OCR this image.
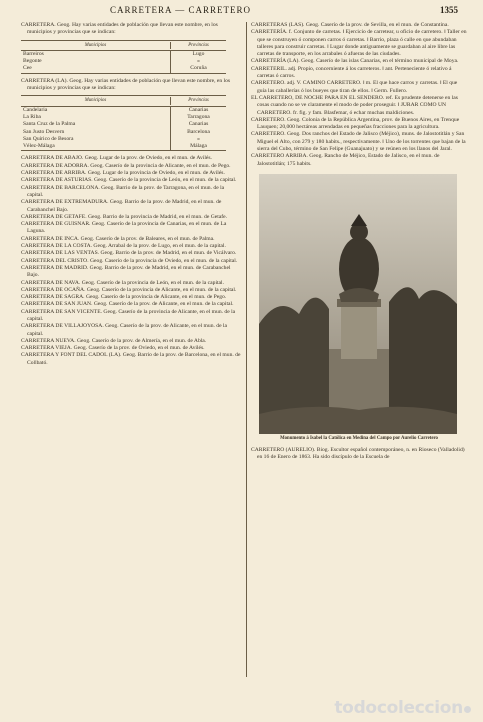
CARRETERA — CARRETERO	1355

CARRETERA. Geog. Hay varias entidades de población que llevan este nombre, en los municipios y provincias que se indican:

Municipios	Provincias
Barreiros	Lugo
Begonte	»
Cee	Coruña

CARRETERA (LA). Geog. Hay varias entidades de población que llevan este nombre, en los municipios y provincias que se indican:

Municipios	Provincias
Candelaria	Canarias
La Riba	Tarragona
Santa Cruz de la Palma	Canarias
San Justo Desvern	Barcelona
San Quirico de Besora	»
Vélez-Málaga	Málaga

CARRETERA DE ABAJO. Geog. Lugar de la prov. de Oviedo, en el mun. de Avilés.

CARRETERA DE ADORRA. Geog. Caserío de la provincia de Alicante, en el mun. de Pego.

CARRETERA DE ARRIBA. Geog. Lugar de la provincia de Oviedo, en el mun. de Avilés.

CARRETERA DE ASTURIAS. Geog. Caserío de la provincia de León, en el mun. de la capital.

CARRETERA DE BARCELONA. Geog. Barrio de la prov. de Tarragona, en el mun. de la capital.

CARRETERA DE EXTREMADURA. Geog. Barrio de la prov. de Madrid, en el mun. de Carabanchel Bajo.

CARRETERA DE GETAFE. Geog. Barrio de la provincia de Madrid, en el mun. de Getafe.

CARRETERA DE GUISNAR. Geog. Caserío de la provincia de Canarias, en el mun. de La Laguna.

CARRETERA DE INCA. Geog. Caserío de la prov. de Baleares, en el mun. de Palma.

CARRETERA DE LA COSTA. Geog. Arrabal de la prov. de Lugo, en el mun. de la capital.

CARRETERA DE LAS VENTAS. Geog. Barrio de la prov. de Madrid, en el mun. de Vicálvaro.

CARRETERA DEL CRISTO. Geog. Caserío de la provincia de Oviedo, en el mun. de la capital.

CARRETERA DE MADRID. Geog. Barrio de la prov. de Madrid, en el mun. de Carabanchel Bajo.

CARRETERA DE NAVA. Geog. Caserío de la provincia de León, en el mun. de la capital.

CARRETERA DE OCAÑA. Geog. Caserío de la provincia de Alicante, en el mun. de la capital.

CARRETERA DE SAGRA. Geog. Caserío de la provincia de Alicante, en el mun. de Pego.

CARRETERA DE SAN JUAN. Geog. Caserío de la prov. de Alicante, en el mun. de la capital.

CARRETERA DE SAN VICENTE. Geog. Caserío de la provincia de Alicante, en el mun. de la capital.

CARRETERA DE VILLAJOYOSA. Geog. Caserío de la prov. de Alicante, en el mun. de la capital.

CARRETERA NUEVA. Geog. Caserío de la prov. de Almería, en el mun. de Abla.

CARRETERA VIEJA. Geog. Caserío de la prov. de Oviedo, en el mun. de Avilés.

CARRETERA Y FONT DEL CADOL (LA). Geog. Barrio de la prov. de Barcelona, en el mun. de Collbató.

CARRETERAS (LAS). Geog. Caserío de la prov. de Sevilla, en el mun. de Constantina.

CARRETERÍA. f. Conjunto de carretas. ‖ Ejercicio de carretear, u oficio de carretero. ‖ Taller en que se construyen ó componen carros ó carretas. ‖ Barrio, plaza ó calle en que abundaban talleres para construir carretas. ‖ Lugar donde antiguamente se guardaban al aire libre las carretas de transporte, en los arrabales ó afueras de las ciudades.

CARRETERÍA (LA). Geog. Caserío de las islas Canarias, en el término municipal de Moya.

CARRETERIL. adj. Propio, concerniente á los carreteros. ‖ ant. Perteneciente ó relativo á carretas ó carros.

CARRETERO. adj. V. CAMINO CARRETERO. ‖ m. El que hace carros y carretas. ‖ El que guía las caballerías ó los bueyes que tiran de ellos. ‖ Germ. Fullero.

EL CARRETERO, DE NOCHE PARA EN EL SENDERO. ref. Es prudente detenerse en las cosas cuando no se ve claramente el modo de poder proseguir. ‖ JURAR COMO UN CARRETERO. fr. fig. y fam. Blasfemar, ó echar muchas maldiciones.

CARRETERO. Geog. Colonia de la República Argentina, prov. de Buenos Aires, en Trenque Lauquen; 20,000 hectáreas arrendadas en pequeñas fracciones para la agricultura.

CARRETERO. Geog. Dos ranchos del Estado de Jalisco (Méjico), muns. de Jalostotitlán y San Miguel el Alto, con 279 y 180 habits., respectivamente. ‖ Uno de los torrentes que bajan de la sierra del Cubo, término de San Felipe (Guanajuato) y se reúnen en los llanos del Jaral.

CARRETERO ARRIBA. Geog. Rancho de Méjico, Estado de Jalisco, en el mun. de Jalostotitlán; 175 habits.

Monumento á Isabel la Católica en Medina del Campo por Aurelio Carretero

CARRETERO (AURELIO). Biog. Escultor español contemporáneo, n. en Rioseco (Valladolid) en 16 de Enero de 1863. Ha sido discípulo de la Escuela de

todocoleccion
